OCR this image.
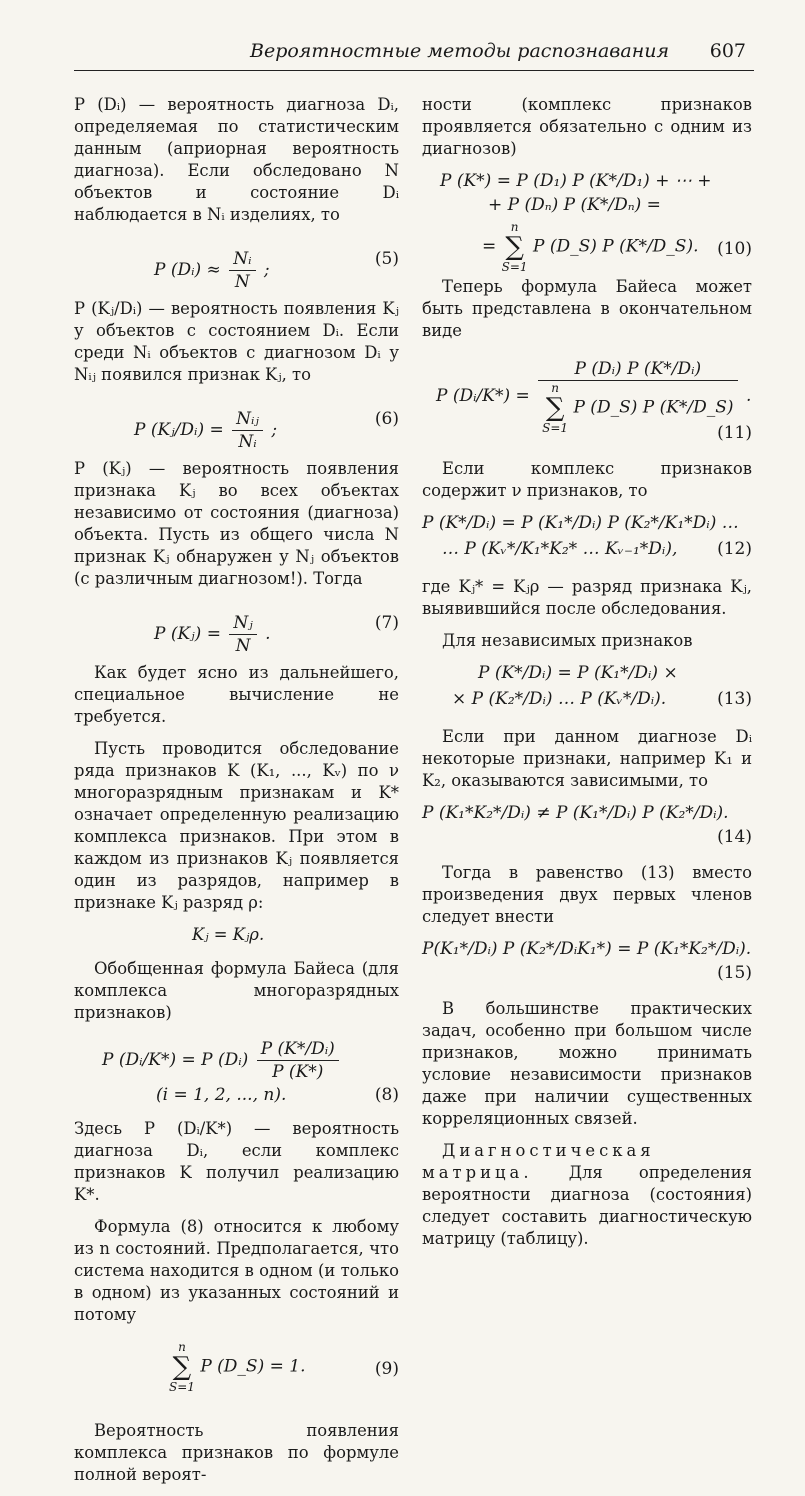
Вероятностные методы распознавания 607

P (Dᵢ) — вероятность диагноза Dᵢ, определяемая по статистическим данным (априорная вероятность диагноза). Если обследовано N объектов и состояние Dᵢ наблюдается в Nᵢ изделиях, то

P (Dᵢ) ≈ $\frac{\text{Nᵢ}}{N}$ ;
(5)

P (Kⱼ/Dᵢ) — вероятность появления Kⱼ у объектов с состоянием Dᵢ. Если среди Nᵢ объектов с диагнозом Dᵢ у Nᵢⱼ появился признак Kⱼ, то

P (Kⱼ/Dᵢ) = $\frac{\text{Nᵢⱼ}}{\text{Nᵢ}}$ ;
(6)

P (Kⱼ) — вероятность появления признака Kⱼ во всех объектах независимо от состояния (диагноза) объекта. Пусть из общего числа N признак Kⱼ обнаружен у Nⱼ объектов (с различным диагнозом!). Тогда

P (Kⱼ) = $\frac{\text{Nⱼ}}{N}$ .
(7)

Как будет ясно из дальнейшего, специальное вычисление не требуется.

Пусть проводится обследование ряда признаков K (K₁, ..., Kᵥ) по ν многоразрядным признакам и K* означает определенную реализацию комплекса признаков. При этом в каждом из признаков Kⱼ появляется один из разрядов, например в признаке Kⱼ разряд ρ:

Kⱼ = Kⱼρ.

Обобщенная формула Байеса (для комплекса многоразрядных признаков)

P (Dᵢ/K*) = P (Dᵢ) $\frac{\text{P (K*/Dᵢ)}}{P (K*)}$
(i = 1, 2, ..., n).	(8)

Здесь P (Dᵢ/K*) — вероятность диагноза Dᵢ, если комплекс признаков K получил реализацию K*.

Формула (8) относится к любому из n состояний. Предполагается, что система находится в одном (и только в одном) из указанных состояний и потому

n
∑
S=1
P (D_S) = 1.	(9)

Вероятность появления комплекса признаков по формуле полной вероят-

ности (комплекс признаков проявляется обязательно с одним из диагнозов)

P (K*) = P (D₁) P (K*/D₁) + ⋯ +
+ P (Dₙ) P (K*/Dₙ) =
=
n
∑
S=1
P (D_S) P (K*/D_S). (10)

Теперь формула Байеса может быть представлена в окончательном виде

P (Dᵢ/K*) = P (Dᵢ) P (K*/Dᵢ)
n
∑
S=1
P (D_S) P (K*/D_S) .
(11)

Если комплекс признаков содержит ν признаков, то

P (K*/Dᵢ) = P (K₁*/Dᵢ) P (K₂*/K₁*Dᵢ) …
… P (Kᵥ*/K₁*K₂* … Kᵥ₋₁*Dᵢ), (12)

где Kⱼ* = Kⱼρ — разряд признака Kⱼ, выявившийся после обследования.

Для независимых признаков

P (K*/Dᵢ) = P (K₁*/Dᵢ) ×
× P (K₂*/Dᵢ) … P (Kᵥ*/Dᵢ).	(13)

Если при данном диагнозе Dᵢ некоторые признаки, например K₁ и K₂, оказываются зависимыми, то

P (K₁*K₂*/Dᵢ) ≠ P (K₁*/Dᵢ) P (K₂*/Dᵢ).
(14)

Тогда в равенство (13) вместо произведения двух первых членов следует внести

P(K₁*/Dᵢ) P (K₂*/DᵢK₁*) = P (K₁*K₂*/Dᵢ).
(15)

В большинстве практических задач, особенно при большом числе признаков, можно принимать условие независимости признаков даже при наличии существенных корреляционных связей.

Диагностическая матрица. Для определения вероятности диагноза (состояния) следует составить диагностическую матрицу (таблицу).
